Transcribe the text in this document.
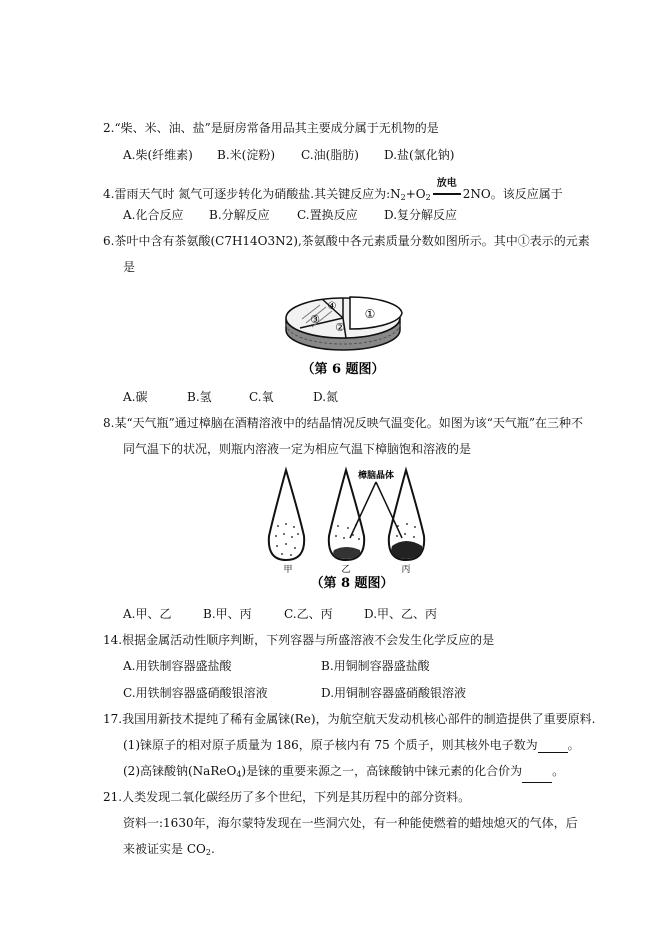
2.“柴、米、油、盐”是厨房常备用品其主要成分属于无机物的是
A.柴(纤维素) B.米(淀粉) C.油(脂肪) D.盐(氯化钠)
4.雷雨天气时 氮气可逐步转化为硝酸盐.其关键反应为$:N_2+O_2$
放电
2NO。该反应属于
A.化合反应 B.分解反应 C.置换反应 D.复分解反应
6.茶叶中含有茶氨酸(C7H14O3N2),茶氨酸中各元素质量分数如图所示。其中①表示的元素
是
①
②
③
④
（第 6 题图）
A.碳	B.氢	C.氧	D.氮
8.某“天气瓶”通过樟脑在酒精溶液中的结晶情况反映气温变化。如图为该“天气瓶”在三种不
同气温下的状况，则瓶内溶液一定为相应气温下樟脑饱和溶液的是
樟脑晶体
甲	乙	丙
（第 8 题图）
A.甲、乙	B.甲、丙	C.乙、丙	D.甲、乙、丙
14.根据金属活动性顺序判断，下列容器与所盛溶液不会发生化学反应的是
A.用铁制容器盛盐酸	B.用铜制容器盛盐酸
C.用铁制容器盛硝酸银溶液	D.用铜制容器盛硝酸银溶液
17.我国用新技术提纯了稀有金属铼(Re)，为航空航天发动机核心部件的制造提供了重要原料.
(1)铼原子的相对原子质量为 186，原子核内有 75 个质子，则其核外电子数为	。
(2)高铼酸钠(NaReO$_4$)是铼的重要来源之一，高铼酸钠中铼元素的化合价为	。
21.人类发现二氧化碳经历了多个世纪，下列是其历程中的部分资料。
资料一:1630年，海尔蒙特发现在一些洞穴处，有一种能使燃着的蜡烛熄灭的气体，后
来被证实是 $CO_2$.
